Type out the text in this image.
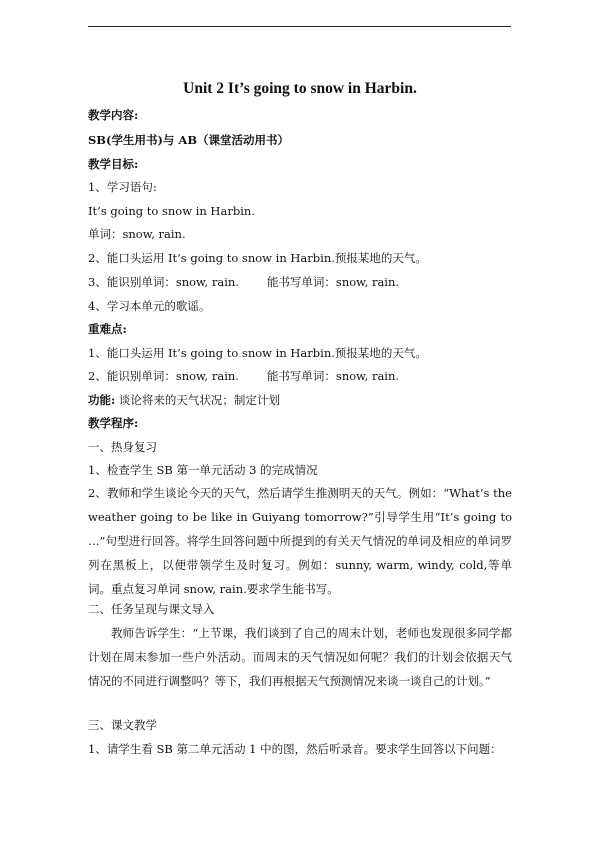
Unit 2 It’s going to snow in Harbin.
教学内容:
SB(学生用书)与 AB（课堂活动用书）
教学目标:
1、学习语句:
It’s going to snow in Harbin.
单词：snow, rain.
2、能口头运用 It’s going to snow in Harbin.预报某地的天气。
3、能识别单词：snow, rain. 能书写单词：snow, rain.
4、学习本单元的歌谣。
重难点:
1、能口头运用 It’s going to snow in Harbin.预报某地的天气。
2、能识别单词：snow, rain. 能书写单词：snow, rain.
功能: 谈论将来的天气状况；制定计划
教学程序:
一、热身复习
1、检查学生 SB 第一单元活动 3 的完成情况
2、教师和学生谈论今天的天气，然后请学生推测明天的天气。例如：“What’s the weather going to be like in Guiyang tomorrow?”引导学生用“It’s going to …”句型进行回答。将学生回答问题中所提到的有关天气情况的单词及相应的单词罗列在黑板上，以便带领学生及时复习。例如：sunny, warm, windy, cold,等单词。重点复习单词 snow, rain.要求学生能书写。
二、任务呈现与课文导入
教师告诉学生：“上节课，我们谈到了自己的周末计划，老师也发现很多同学都计划在周末参加一些户外活动。而周末的天气情况如何呢？我们的计划会依据天气情况的不同进行调整吗？等下，我们再根据天气预测情况来谈一谈自己的计划。”
三、课文教学
1、请学生看 SB 第二单元活动 1 中的图，然后听录音。要求学生回答以下问题：
